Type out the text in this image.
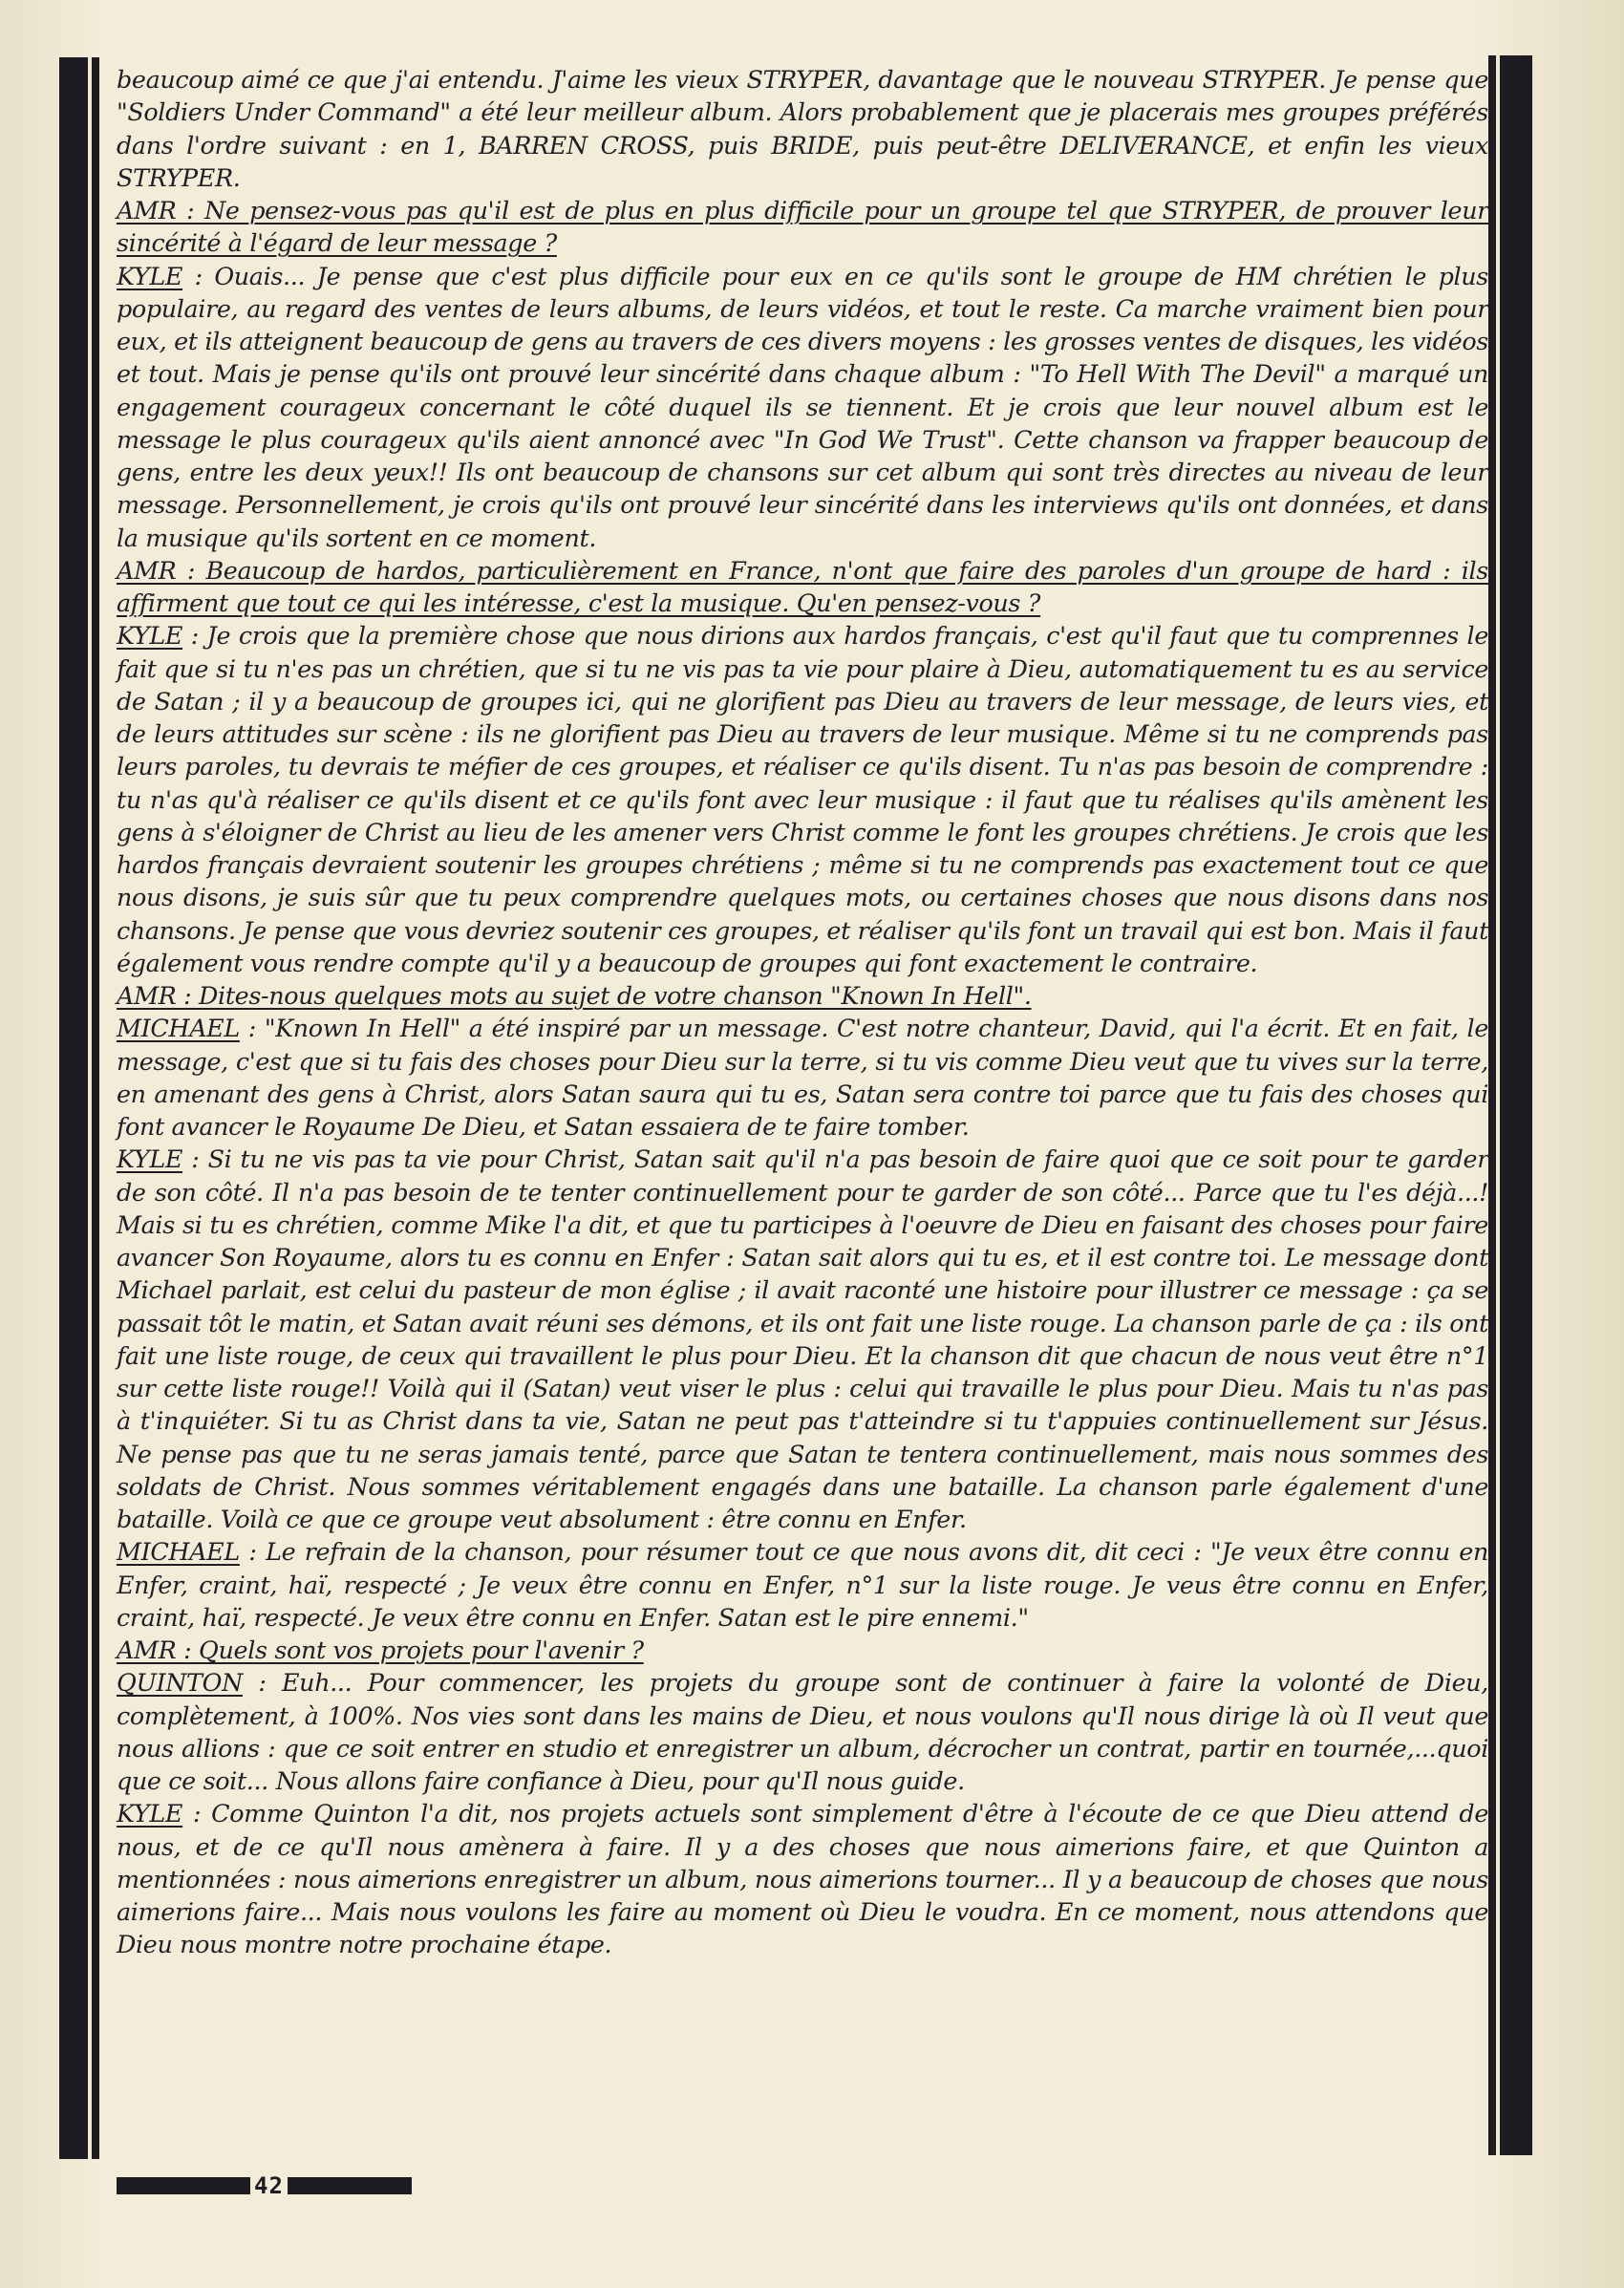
beaucoup aimé ce que j'ai entendu. J'aime les vieux STRYPER, davantage que le nouveau STRYPER. Je pense que "Soldiers Under Command" a été leur meilleur album. Alors probablement que je placerais mes groupes préférés dans l'ordre suivant : en 1, BARREN CROSS, puis BRIDE, puis peut-être DELIVERANCE, et enfin les vieux STRYPER.

AMR : Ne pensez-vous pas qu'il est de plus en plus difficile pour un groupe tel que STRYPER, de prouver leur sincérité à l'égard de leur message ?

KYLE : Ouais... Je pense que c'est plus difficile pour eux en ce qu'ils sont le groupe de HM chrétien le plus populaire, au regard des ventes de leurs albums, de leurs vidéos, et tout le reste. Ca marche vraiment bien pour eux, et ils atteignent beaucoup de gens au travers de ces divers moyens : les grosses ventes de disques, les vidéos et tout. Mais je pense qu'ils ont prouvé leur sincérité dans chaque album : "To Hell With The Devil" a marqué un engagement courageux concernant le côté duquel ils se tiennent. Et je crois que leur nouvel album est le message le plus courageux qu'ils aient annoncé avec "In God We Trust". Cette chanson va frapper beaucoup de gens, entre les deux yeux!! Ils ont beaucoup de chansons sur cet album qui sont très directes au niveau de leur message. Personnellement, je crois qu'ils ont prouvé leur sincérité dans les interviews qu'ils ont données, et dans la musique qu'ils sortent en ce moment.

AMR : Beaucoup de hardos, particulièrement en France, n'ont que faire des paroles d'un groupe de hard : ils affirment que tout ce qui les intéresse, c'est la musique. Qu'en pensez-vous ?

KYLE : Je crois que la première chose que nous dirions aux hardos français, c'est qu'il faut que tu comprennes le fait que si tu n'es pas un chrétien, que si tu ne vis pas ta vie pour plaire à Dieu, automatiquement tu es au service de Satan ; il y a beaucoup de groupes ici, qui ne glorifient pas Dieu au travers de leur message, de leurs vies, et de leurs attitudes sur scène : ils ne glorifient pas Dieu au travers de leur musique. Même si tu ne comprends pas leurs paroles, tu devrais te méfier de ces groupes, et réaliser ce qu'ils disent. Tu n'as pas besoin de comprendre : tu n'as qu'à réaliser ce qu'ils disent et ce qu'ils font avec leur musique : il faut que tu réalises qu'ils amènent les gens à s'éloigner de Christ au lieu de les amener vers Christ comme le font les groupes chrétiens. Je crois que les hardos français devraient soutenir les groupes chrétiens ; même si tu ne comprends pas exactement tout ce que nous disons, je suis sûr que tu peux comprendre quelques mots, ou certaines choses que nous disons dans nos chansons. Je pense que vous devriez soutenir ces groupes, et réaliser qu'ils font un travail qui est bon. Mais il faut également vous rendre compte qu'il y a beaucoup de groupes qui font exactement le contraire.

AMR : Dites-nous quelques mots au sujet de votre chanson "Known In Hell".

MICHAEL : "Known In Hell" a été inspiré par un message. C'est notre chanteur, David, qui l'a écrit. Et en fait, le message, c'est que si tu fais des choses pour Dieu sur la terre, si tu vis comme Dieu veut que tu vives sur la terre, en amenant des gens à Christ, alors Satan saura qui tu es, Satan sera contre toi parce que tu fais des choses qui font avancer le Royaume De Dieu, et Satan essaiera de te faire tomber.

KYLE : Si tu ne vis pas ta vie pour Christ, Satan sait qu'il n'a pas besoin de faire quoi que ce soit pour te garder de son côté. Il n'a pas besoin de te tenter continuellement pour te garder de son côté... Parce que tu l'es déjà...! Mais si tu es chrétien, comme Mike l'a dit, et que tu participes à l'oeuvre de Dieu en faisant des choses pour faire avancer Son Royaume, alors tu es connu en Enfer : Satan sait alors qui tu es, et il est contre toi. Le message dont Michael parlait, est celui du pasteur de mon église ; il avait raconté une histoire pour illustrer ce message : ça se passait tôt le matin, et Satan avait réuni ses démons, et ils ont fait une liste rouge. La chanson parle de ça : ils ont fait une liste rouge, de ceux qui travaillent le plus pour Dieu. Et la chanson dit que chacun de nous veut être n°1 sur cette liste rouge!! Voilà qui il (Satan) veut viser le plus : celui qui travaille le plus pour Dieu. Mais tu n'as pas à t'inquiéter. Si tu as Christ dans ta vie, Satan ne peut pas t'atteindre si tu t'appuies continuellement sur Jésus. Ne pense pas que tu ne seras jamais tenté, parce que Satan te tentera continuellement, mais nous sommes des soldats de Christ. Nous sommes véritablement engagés dans une bataille. La chanson parle également d'une bataille. Voilà ce que ce groupe veut absolument : être connu en Enfer.

MICHAEL : Le refrain de la chanson, pour résumer tout ce que nous avons dit, dit ceci : "Je veux être connu en Enfer, craint, haï, respecté ; Je veux être connu en Enfer, n°1 sur la liste rouge. Je veus être connu en Enfer, craint, haï, respecté. Je veux être connu en Enfer. Satan est le pire ennemi."

AMR : Quels sont vos projets pour l'avenir ?

QUINTON : Euh... Pour commencer, les projets du groupe sont de continuer à faire la volonté de Dieu, complètement, à 100%. Nos vies sont dans les mains de Dieu, et nous voulons qu'Il nous dirige là où Il veut que nous allions : que ce soit entrer en studio et enregistrer un album, décrocher un contrat, partir en tournée,...quoi que ce soit... Nous allons faire confiance à Dieu, pour qu'Il nous guide.

KYLE : Comme Quinton l'a dit, nos projets actuels sont simplement d'être à l'écoute de ce que Dieu attend de nous, et de ce qu'Il nous amènera à faire. Il y a des choses que nous aimerions faire, et que Quinton a mentionnées : nous aimerions enregistrer un album, nous aimerions tourner... Il y a beaucoup de choses que nous aimerions faire... Mais nous voulons les faire au moment où Dieu le voudra. En ce moment, nous attendons que Dieu nous montre notre prochaine étape.

42
